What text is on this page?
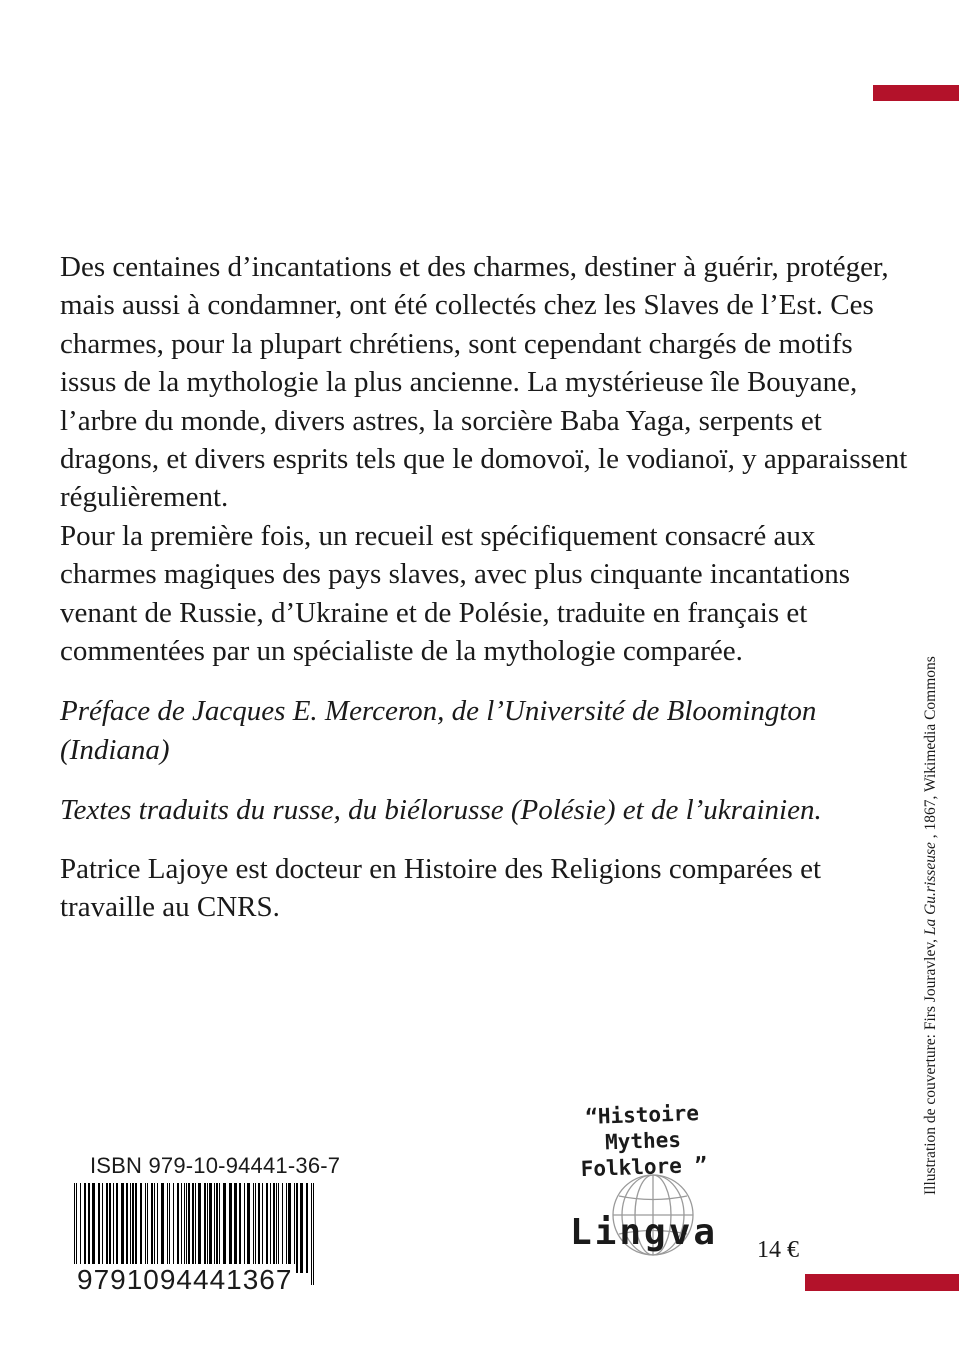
Des centaines d’incantations et des charmes, destiner à guérir, protéger, mais aussi à condamner, ont été collectés chez les Slaves de l’Est. Ces charmes, pour la plupart chrétiens, sont cependant chargés de motifs issus de la mythologie la plus ancienne. La mystérieuse île Bouyane, l’arbre du monde, divers astres, la sorcière Baba Yaga, serpents et dragons, et divers esprits tels que le domovoï, le vodianoï, y apparaissent régulièrement.

Pour la première fois, un recueil est spécifiquement consacré aux charmes magiques des pays slaves, avec plus cinquante incantations venant de Russie, d’Ukraine et de Polésie, traduite en français et commentées par un spécialiste de la mythologie comparée.

Préface de Jacques E. Merceron, de l’Université de Bloomington (Indiana)

Textes traduits du russe, du biélorusse (Polésie) et de l’ukrainien.

Patrice Lajoye est docteur en Histoire des Religions comparées et travaille au CNRS.

Illustration de couverture: Firs Jouravlev, La Gu.risseuse , 1867, Wikimedia Commons
ISBN 979-10-94441-36-7
9791094441367
“Histoire
Mythes
Folklore ”
Lingva 14 €
